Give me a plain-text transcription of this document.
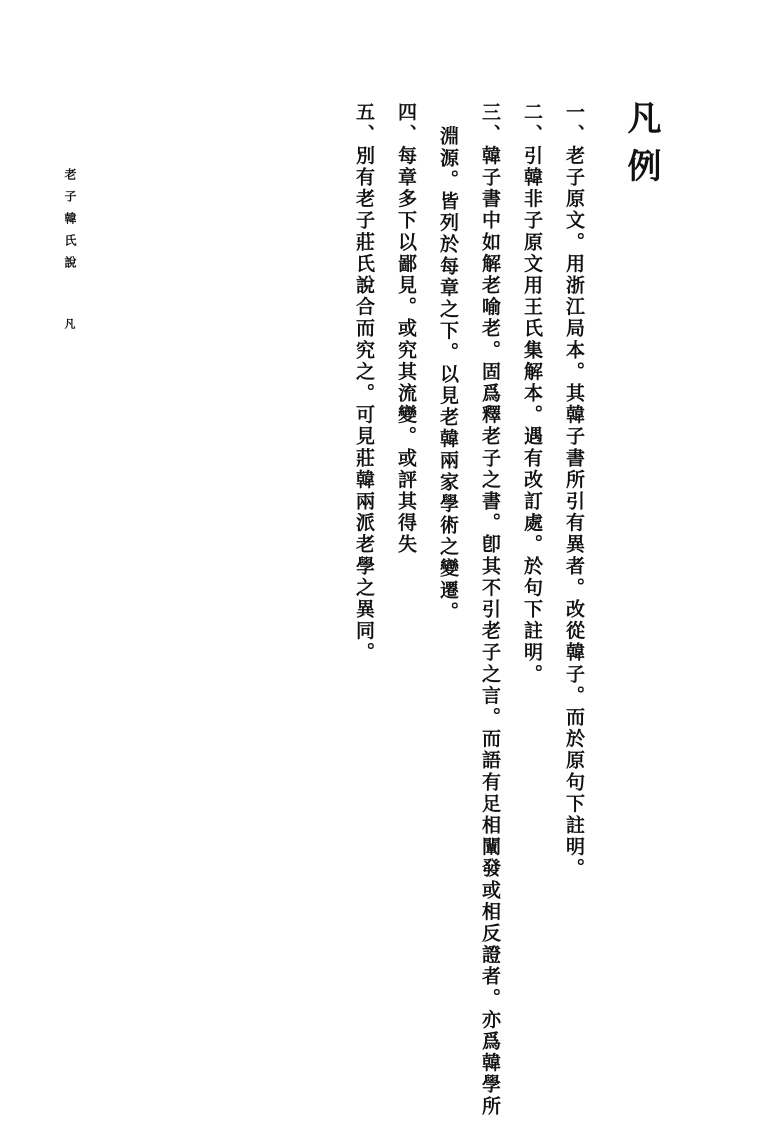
凡例
一、老子原文。用浙江局本。其韓子書所引有異者。改從韓子。而於原句下註明。
二、引韓非子原文用王氏集解本。遇有改訂處。於句下註明。
三、韓子書中如解老喻老。固爲釋老子之書。卽其不引老子之言。而語有足相闡發或相反證者。亦爲韓學所
淵源。皆列於每章之下。以見老韓兩家學術之變遷。
四、每章多下以鄙見。或究其流變。或評其得失
五、別有老子莊氏說合而究之。可見莊韓兩派老學之異同。
老子韓氏說
凡
